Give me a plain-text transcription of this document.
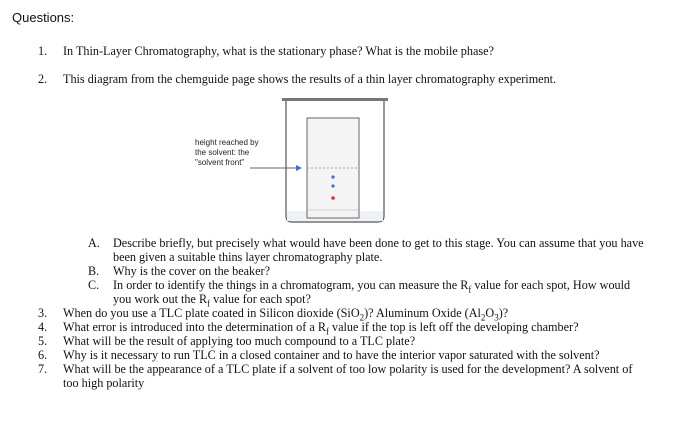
Questions:
1. In Thin-Layer Chromatography, what is the stationary phase? What is the mobile phase?
2. This diagram from the chemguide page shows the results of a thin layer chromatography experiment.
height reached by
the solvent: the
"solvent front"
A. Describe briefly, but precisely what would have been done to get to this stage. You can assume that you have
been given a suitable thins layer chromatography plate.
B. Why is the cover on the beaker?
C. In order to identify the things in a chromatogram, you can measure the $R_f$ value for each spot, How would
you work out the $R_f$ value for each spot?
3. When do you use a TLC plate coated in Silicon dioxide (SiO$_2$)? Aluminum Oxide $(Al_2O_3)$?
4. What error is introduced into the determination of a $R_f$ value if the top is left off the developing chamber?
5. What will be the result of applying too much compound to a TLC plate?
6. Why is it necessary to run TLC in a closed container and to have the interior vapor saturated with the solvent?
7. What will be the appearance of a TLC plate if a solvent of too low polarity is used for the development? A solvent of
too high polarity
